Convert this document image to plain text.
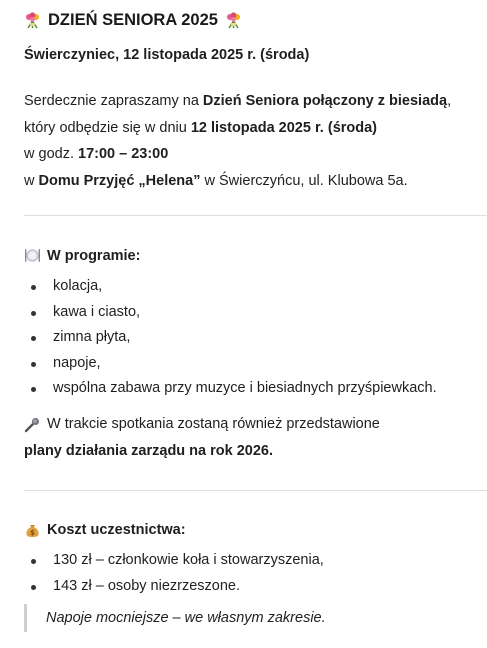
DZIEŃ SENIORA 2025
Świerczyniec, 12 listopada 2025 r. (środa)
Serdecznie zapraszamy na Dzień Seniora połączony z biesiadą,
który odbędzie się w dniu 12 listopada 2025 r. (środa)
w godz. 17:00 – 23:00
w Domu Przyjęć „Helena” w Świerczyńcu, ul. Klubowa 5a.
W programie:
kolacja,
kawa i ciasto,
zimna płyta,
napoje,
wspólna zabawa przy muzyce i biesiadnych przyśpiewkach.
W trakcie spotkania zostaną również przedstawione
plany działania zarządu na rok 2026.
$ Koszt uczestnictwa:
130 zł – członkowie koła i stowarzyszenia,
143 zł – osoby niezrzeszone.
Napoje mocniejsze – we własnym zakresie.
